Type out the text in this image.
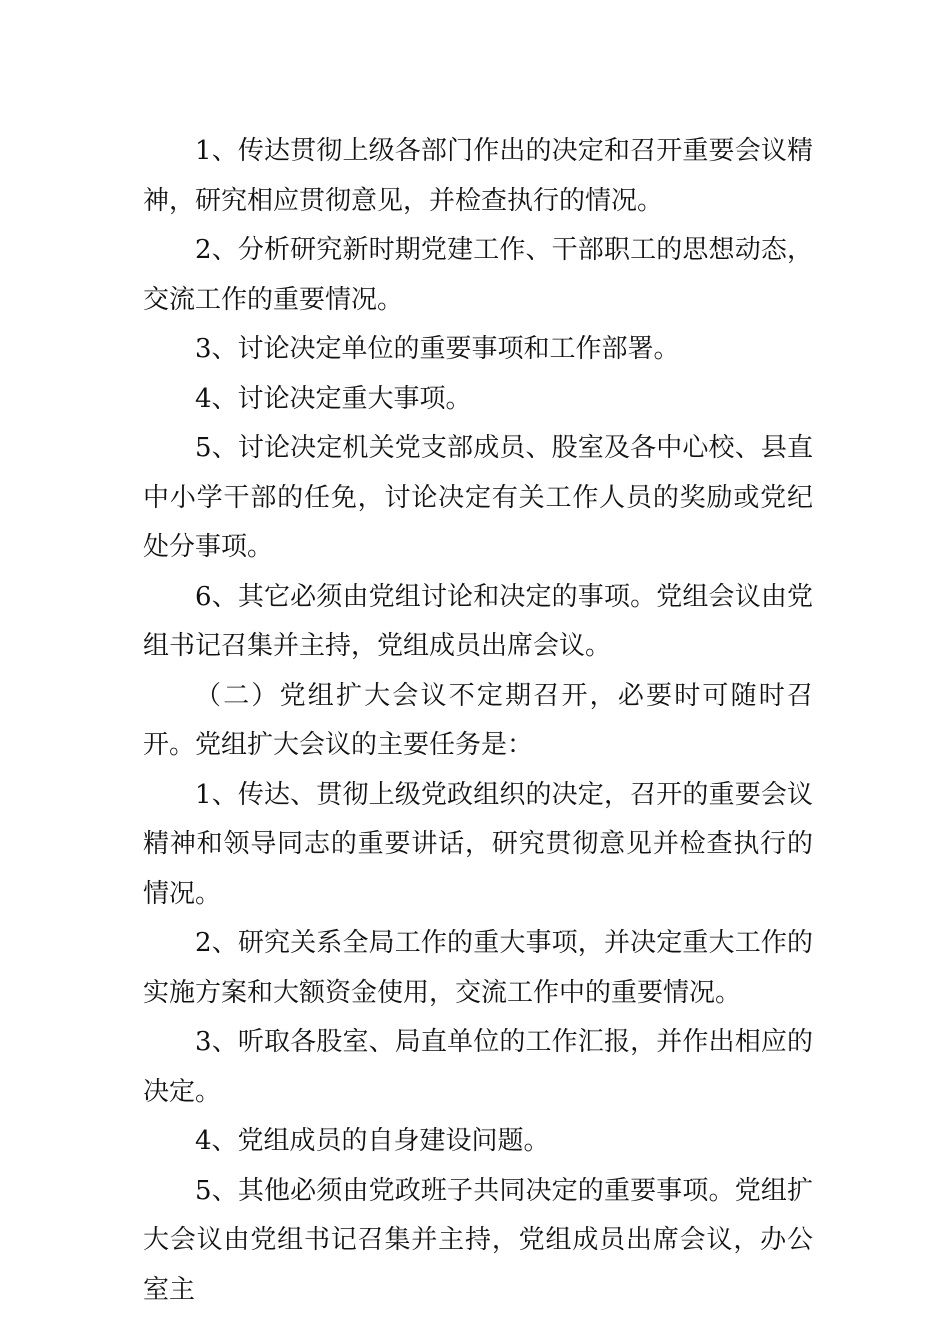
1、传达贯彻上级各部门作出的决定和召开重要会议精神，研究相应贯彻意见，并检查执行的情况。

2、分析研究新时期党建工作、干部职工的思想动态，交流工作的重要情况。

3、讨论决定单位的重要事项和工作部署。

4、讨论决定重大事项。

5、讨论决定机关党支部成员、股室及各中心校、县直中小学干部的任免，讨论决定有关工作人员的奖励或党纪处分事项。

6、其它必须由党组讨论和决定的事项。党组会议由党组书记召集并主持，党组成员出席会议。

（二）党组扩大会议不定期召开，必要时可随时召开。党组扩大会议的主要任务是：

1、传达、贯彻上级党政组织的决定，召开的重要会议精神和领导同志的重要讲话，研究贯彻意见并检查执行的情况。

2、研究关系全局工作的重大事项，并决定重大工作的实施方案和大额资金使用，交流工作中的重要情况。

3、听取各股室、局直单位的工作汇报，并作出相应的决定。

4、党组成员的自身建设问题。

5、其他必须由党政班子共同决定的重要事项。党组扩大会议由党组书记召集并主持，党组成员出席会议，办公室主
